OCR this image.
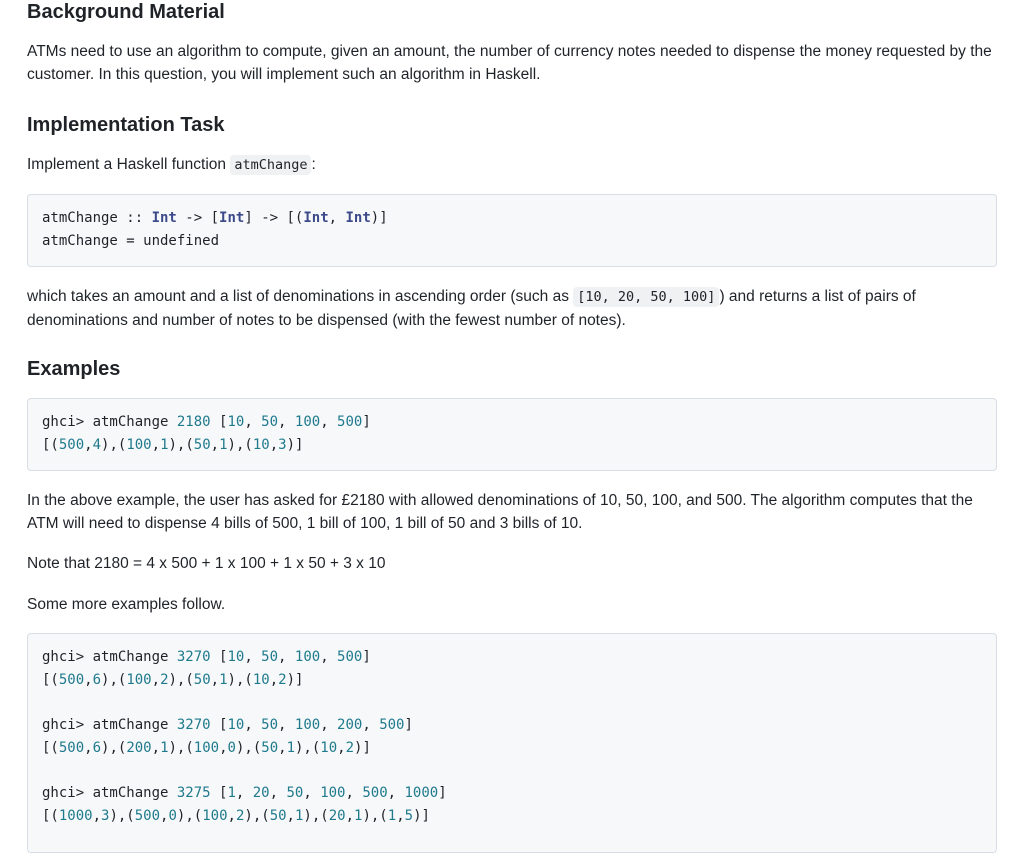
Background Material

ATMs need to use an algorithm to compute, given an amount, the number of currency notes needed to dispense the money requested by the customer. In this question, you will implement such an algorithm in Haskell.

Implementation Task

Implement a Haskell function atmChange :

atmChange :: Int -> [Int] -> [(Int, Int)]
atmChange = undefined

which takes an amount and a list of denominations in ascending order (such as [10, 20, 50, 100] ) and returns a list of pairs of denominations and number of notes to be dispensed (with the fewest number of notes).

Examples
ghci> atmChange 2180 [10, 50, 100, 500]
[(500,4),(100,1),(50,1),(10,3)]

In the above example, the user has asked for £2180 with allowed denominations of 10, 50, 100, and 500. The algorithm computes that the ATM will need to dispense 4 bills of 500, 1 bill of 100, 1 bill of 50 and 3 bills of 10.

Note that 2180 = 4 x 500 + 1 x 100 + 1 x 50 + 3 x 10

Some more examples follow.

ghci> atmChange 3270 [10, 50, 100, 500]
[(500,6),(100,2),(50,1),(10,2)]
ghci> atmChange 3270 [10, 50, 100, 200, 500]
[(500,6),(200,1),(100,0),(50,1),(10,2)]
ghci> atmChange 3275 [1, 20, 50, 100, 500, 1000]
[(1000,3),(500,0),(100,2),(50,1),(20,1),(1,5)]
